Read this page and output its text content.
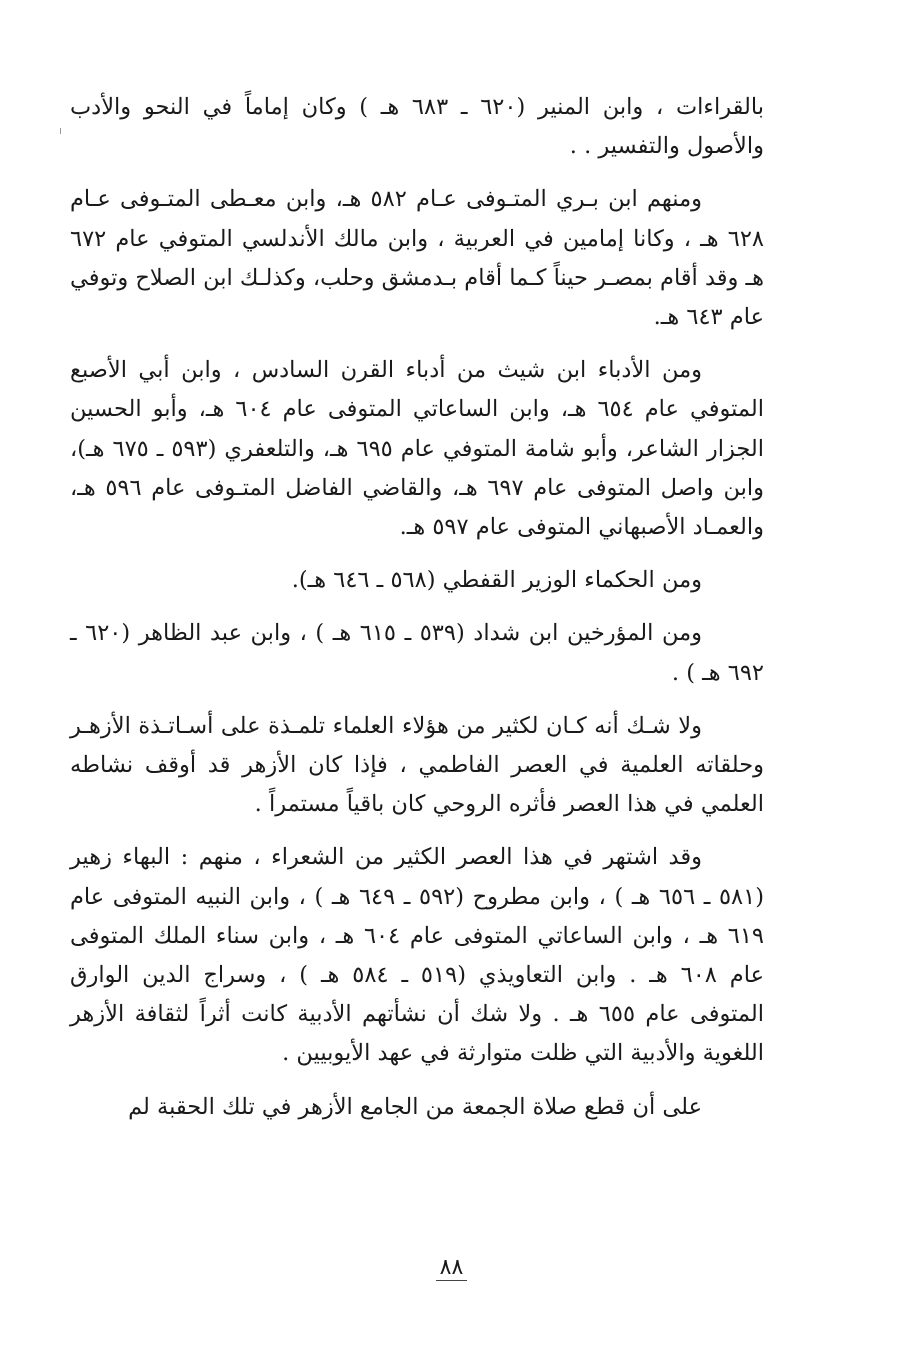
بالقراءات ، وابن المنير (٦٢٠ ـ ٦٨٣ هـ ) وكان إماماً في النحو والأدب والأصول والتفسير . .

ومنهم ابن بـري المتـوفى عـام ٥٨٢ هـ، وابن معـطى المتـوفى عـام ٦٢٨ هـ ، وكانا إمامين في العربية ، وابن مالك الأندلسي المتوفي عام ٦٧٢ هـ وقد أقام بمصـر حيناً كـما أقام بـدمشق وحلب، وكذلـك ابن الصلاح وتوفي عام ٦٤٣ هـ.

ومن الأدباء ابن شيث من أدباء القرن السادس ، وابن أبي الأصبع المتوفي عام ٦٥٤ هـ، وابن الساعاتي المتوفى عام ٦٠٤ هـ، وأبو الحسين الجزار الشاعر، وأبو شامة المتوفي عام ٦٩٥ هـ، والتلعفري (٥٩٣ ـ ٦٧٥ هـ)، وابن واصل المتوفى عام ٦٩٧ هـ، والقاضي الفاضل المتـوفى عام ٥٩٦ هـ، والعمـاد الأصبهاني المتوفى عام ٥٩٧ هـ.

ومن الحكماء الوزير القفطي (٥٦٨ ـ ٦٤٦ هـ).

ومن المؤرخين ابن شداد (٥٣٩ ـ ٦١٥ هـ ) ، وابن عبد الظاهر (٦٢٠ ـ ٦٩٢ هـ ) .

ولا شـك أنه كـان لكثير من هؤلاء العلماء تلمـذة على أسـاتـذة الأزهـر وحلقاته العلمية في العصر الفاطمي ، فإذا كان الأزهر قد أوقف نشاطه العلمي في هذا العصر فأثره الروحي كان باقياً مستمراً .

وقد اشتهر في هذا العصر الكثير من الشعراء ، منهم : البهاء زهير (٥٨١ ـ ٦٥٦ هـ ) ، وابن مطروح (٥٩٢ ـ ٦٤٩ هـ ) ، وابن النبيه المتوفى عام ٦١٩ هـ ، وابن الساعاتي المتوفى عام ٦٠٤ هـ ، وابن سناء الملك المتوفى عام ٦٠٨ هـ . وابن التعاويذي (٥١٩ ـ ٥٨٤ هـ ) ، وسراج الدين الوارق المتوفى عام ٦٥٥ هـ . ولا شك أن نشأتهم الأدبية كانت أثراً لثقافة الأزهر اللغوية والأدبية التي ظلت متوارثة في عهد الأيوبيين .

على أن قطع صلاة الجمعة من الجامع الأزهر في تلك الحقبة لم

٨٨
